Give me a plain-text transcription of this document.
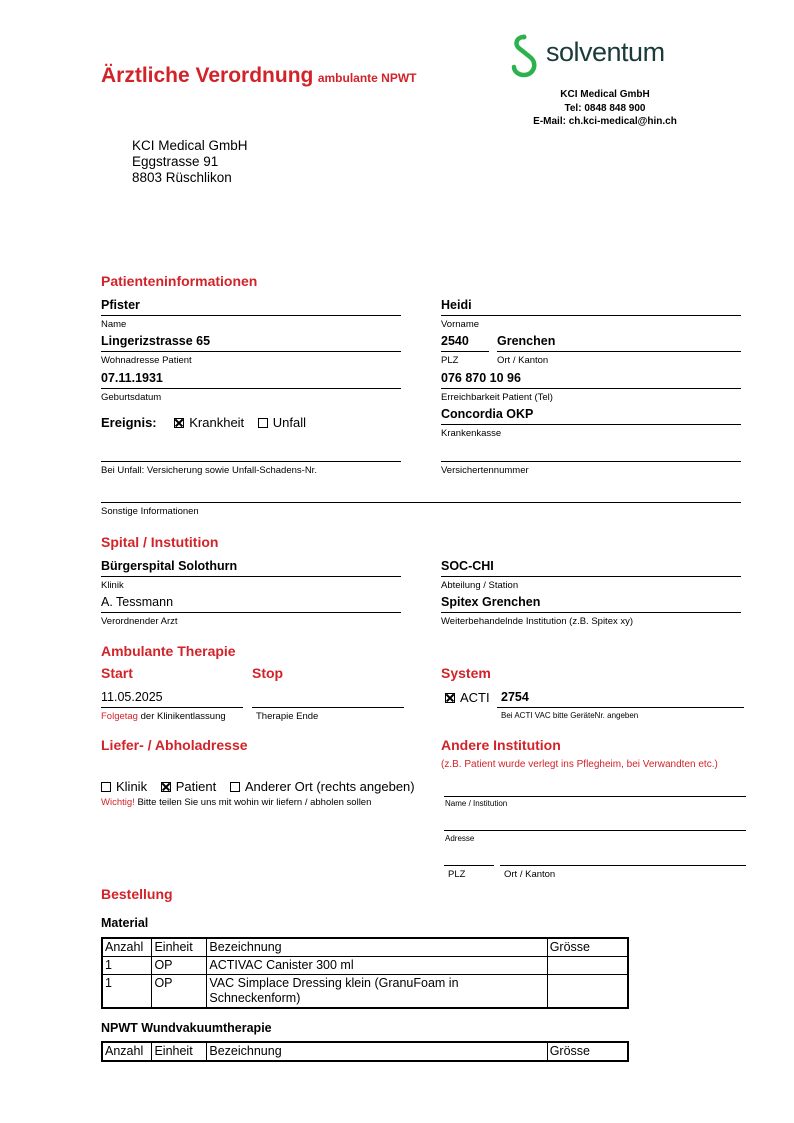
Ärztliche Verordnung ambulante NPWT
solventum
KCI Medical GmbH
Tel: 0848 848 900
E-Mail: ch.kci-medical@hin.ch
KCI Medical GmbH
Eggstrasse 91
8803 Rüschlikon
Patienteninformationen
Pfister
Name
Heidi
Vorname
Lingerizstrasse 65
Wohnadresse Patient
2540
PLZ
Grenchen
Ort / Kanton
07.11.1931
Geburtsdatum
076 870 10 96
Erreichbarkeit Patient (Tel)
Ereignis:	Krankheit Unfall
Concordia OKP
Krankenkasse
Bei Unfall: Versicherung sowie Unfall-Schadens-Nr.	Versichertennummer
Sonstige Informationen
Spital / Instutition
Bürgerspital Solothurn
Klinik
SOC-CHI
Abteilung / Station
A. Tessmann
Verordnender Arzt
Spitex Grenchen
Weiterbehandelnde Institution (z.B. Spitex xy)
Ambulante Therapie
Start	Stop	System
11.05.2025
Folgetag der Klinikentlassung	Therapie Ende
ACTI 2754
Bei ACTI VAC bitte GeräteNr. angeben
Liefer- / Abholadresse
Klinik Patient Anderer Ort (rechts angeben)
Wichtig! Bitte teilen Sie uns mit wohin wir liefern / abholen sollen
Andere Institution
(z.B. Patient wurde verlegt ins Pflegheim, bei Verwandten etc.)
Name / Institution
Adresse
PLZ	Ort / Kanton
Bestellung
Material
Anzahl	Einheit	Bezeichnung	Grösse
1	OP	ACTIVAC Canister 300 ml	
1	OP	VAC Simplace Dressing klein (GranuFoam in Schneckenform)	
NPWT Wundvakuumtherapie
Anzahl	Einheit	Bezeichnung	Grösse
